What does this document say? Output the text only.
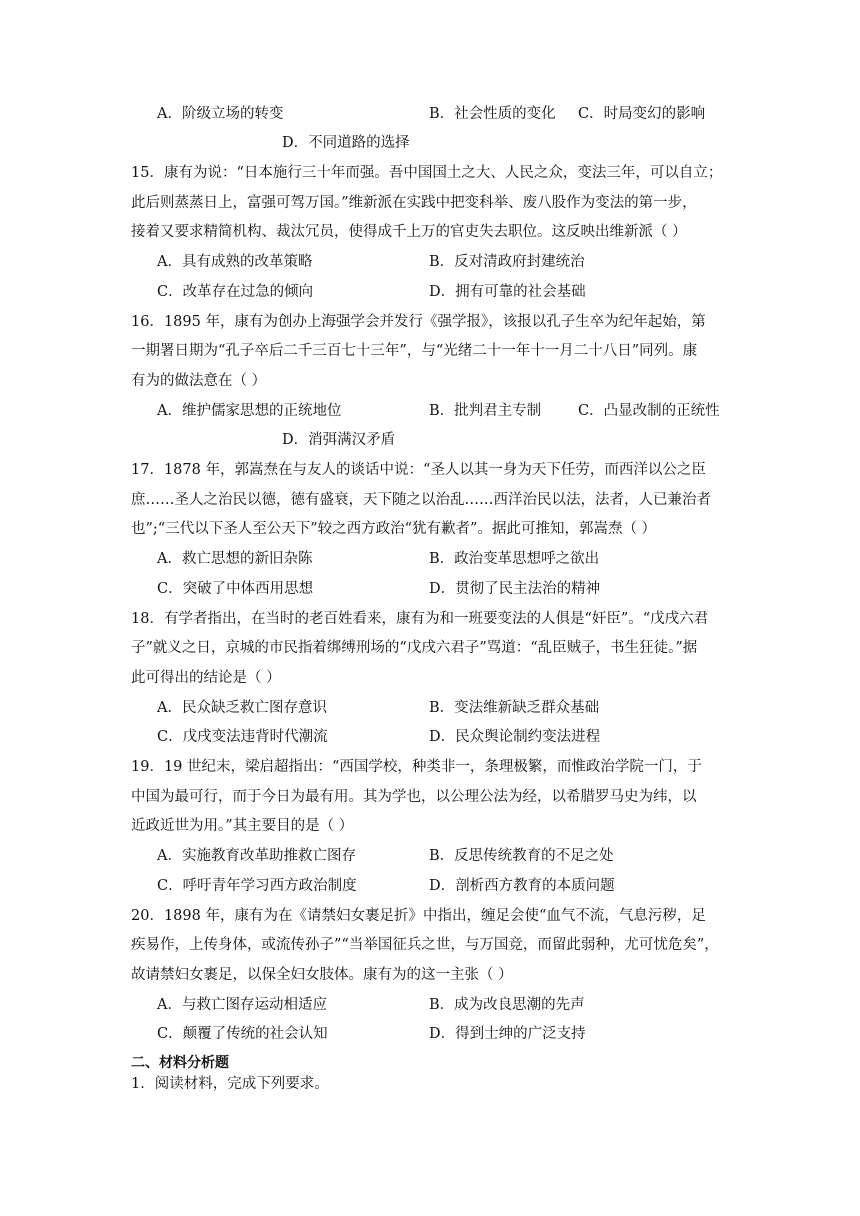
A．阶级立场的转变	B．社会性质的变化 C．时局变幻的影响
D．不同道路的选择
15．康有为说：“日本施行三十年而强。吾中国国土之大、人民之众，变法三年，可以自立；
此后则蒸蒸日上，富强可驾万国。”维新派在实践中把变科举、废八股作为变法的第一步，
接着又要求精简机构、裁汰冗员，使得成千上万的官吏失去职位。这反映出维新派（ ）
A．具有成熟的改革策略	B．反对清政府封建统治
C．改革存在过急的倾向	D．拥有可靠的社会基础
16．1895 年，康有为创办上海强学会并发行《强学报》，该报以孔子生卒为纪年起始，第
一期署日期为“孔子卒后二千三百七十三年”，与“光绪二十一年十一月二十八日”同列。康
有为的做法意在（ ）
A．维护儒家思想的正统地位	B．批判君主专制	C．凸显改制的正统性
D．消弭满汉矛盾
17．1878 年，郭嵩焘在与友人的谈话中说：“圣人以其一身为天下任劳，而西洋以公之臣
庶……圣人之治民以德，德有盛衰，天下随之以治乱……西洋治民以法，法者，人已兼治者
也”;“三代以下圣人至公天下”较之西方政治“犹有歉者”。据此可推知，郭嵩焘（ ）
A．救亡思想的新旧杂陈	B．政治变革思想呼之欲出
C．突破了中体西用思想	D．贯彻了民主法治的精神
18．有学者指出，在当时的老百姓看来，康有为和一班要变法的人俱是“奸臣”。“戊戌六君
子”就义之日，京城的市民指着绑缚刑场的“戊戌六君子”骂道：“乱臣贼子，书生狂徒。”据
此可得出的结论是（ ）
A．民众缺乏救亡图存意识	B．变法维新缺乏群众基础
C．戊戌变法违背时代潮流	D．民众舆论制约变法进程
19．19 世纪末，梁启超指出：“西国学校，种类非一，条理极繁，而惟政治学院一门，于
中国为最可行，而于今日为最有用。其为学也，以公理公法为经，以希腊罗马史为纬，以
近政近世为用。”其主要目的是（ ）
A．实施教育改革助推救亡图存	B．反思传统教育的不足之处
C．呼吁青年学习西方政治制度	D．剖析西方教育的本质问题
20．1898 年，康有为在《请禁妇女裹足折》中指出，缠足会使“血气不流，气息污秽，足
疾易作，上传身体，或流传孙子”“当举国征兵之世，与万国竞，而留此弱种，尤可忧危矣”，
故请禁妇女裹足，以保全妇女肢体。康有为的这一主张（ ）
A．与救亡图存运动相适应	B．成为改良思潮的先声
C．颠覆了传统的社会认知	D．得到士绅的广泛支持
二、材料分析题
1．阅读材料，完成下列要求。
